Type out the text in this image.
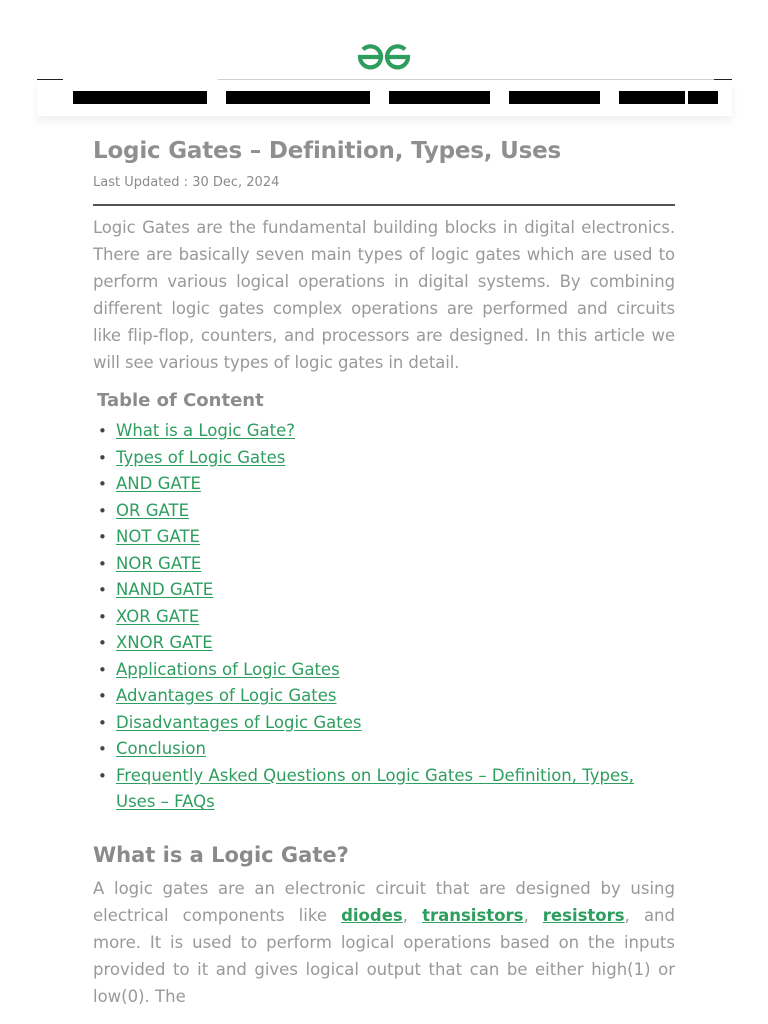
Logic Gates – Definition, Types, Uses
Last Updated : 30 Dec, 2024

Logic Gates are the fundamental building blocks in digital electronics. There are basically seven main types of logic gates which are used to perform various logical operations in digital systems. By combining different logic gates complex operations are performed and circuits like flip-flop, counters, and processors are designed. In this article we will see various types of logic gates in detail.

Table of Content
• What is a Logic Gate?
• Types of Logic Gates
• AND GATE
• OR GATE
• NOT GATE
• NOR GATE
• NAND GATE
• XOR GATE
• XNOR GATE
• Applications of Logic Gates
• Advantages of Logic Gates
• Disadvantages of Logic Gates
• Conclusion
• Frequently Asked Questions on Logic Gates – Definition, Types, Uses – FAQs
What is a Logic Gate?

A logic gates are an electronic circuit that are designed by using electrical components like diodes, transistors, resistors, and more. It is used to perform logical operations based on the inputs provided to it and gives logical output that can be either high(1) or low(0). The
